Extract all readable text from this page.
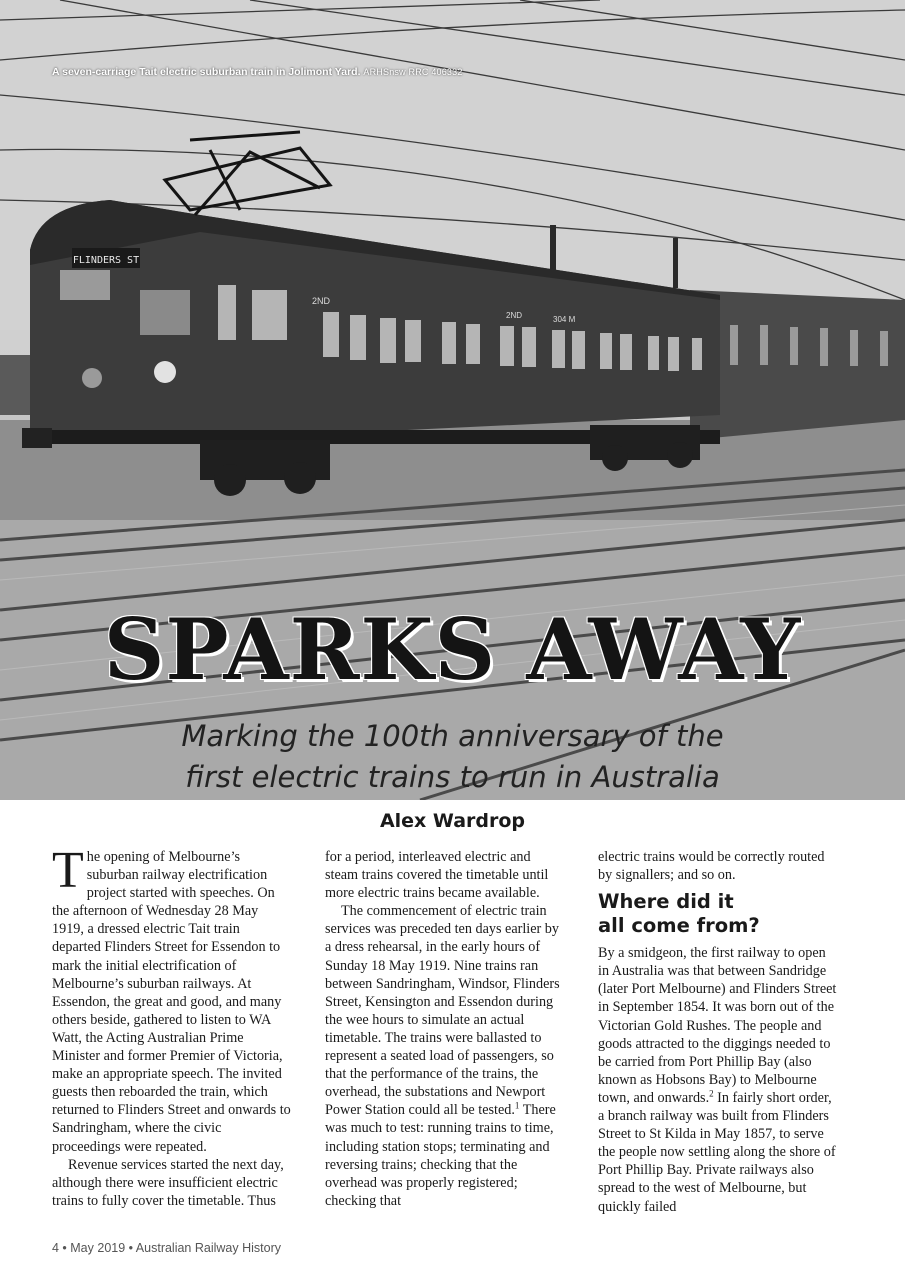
FLINDERS ST
2ND
2ND	304 M
A seven-carriage Tait electric suburban train in Jolimont Yard. ARHSnsw RRC 406332
SPARKS AWAY
Marking the 100th anniversary of the
first electric trains to run in Australia
Alex Wardrop

The opening of Melbourne’s suburban railway electrification project started with speeches. On the afternoon of Wednesday 28 May 1919, a dressed electric Tait train departed Flinders Street for Essendon to mark the initial electrification of Melbourne’s suburban railways. At Essendon, the great and good, and many others beside, gathered to listen to WA Watt, the Acting Australian Prime Minister and former Premier of Victoria, make an appropriate speech. The invited guests then reboarded the train, which returned to Flinders Street and onwards to Sandringham, where the civic proceedings were repeated.

Revenue services started the next day, although there were insufficient electric trains to fully cover the timetable. Thus

for a period, interleaved electric and steam trains covered the timetable until more electric trains became available.

The commencement of electric train services was preceded ten days earlier by a dress rehearsal, in the early hours of Sunday 18 May 1919. Nine trains ran between Sandringham, Windsor, Flinders Street, Kensington and Essendon during the wee hours to simulate an actual timetable. The trains were ballasted to represent a seated load of passengers, so that the performance of the trains, the overhead, the substations and Newport Power Station could all be tested.$^1$ There was much to test: running trains to time, including station stops; terminating and reversing trains; checking that the overhead was properly registered; checking that

electric trains would be correctly routed by signallers; and so on.

Where did it
all come from?

By a smidgeon, the first railway to open in Australia was that between Sandridge (later Port Melbourne) and Flinders Street in September 1854. It was born out of the Victorian Gold Rushes. The people and goods attracted to the diggings needed to be carried from Port Phillip Bay (also known as Hobsons Bay) to Melbourne town, and onwards.$^2$ In fairly short order, a branch railway was built from Flinders Street to St Kilda in May 1857, to serve the people now settling along the shore of Port Phillip Bay. Private railways also spread to the west of Melbourne, but quickly failed

4 • May 2019 • Australian Railway History
